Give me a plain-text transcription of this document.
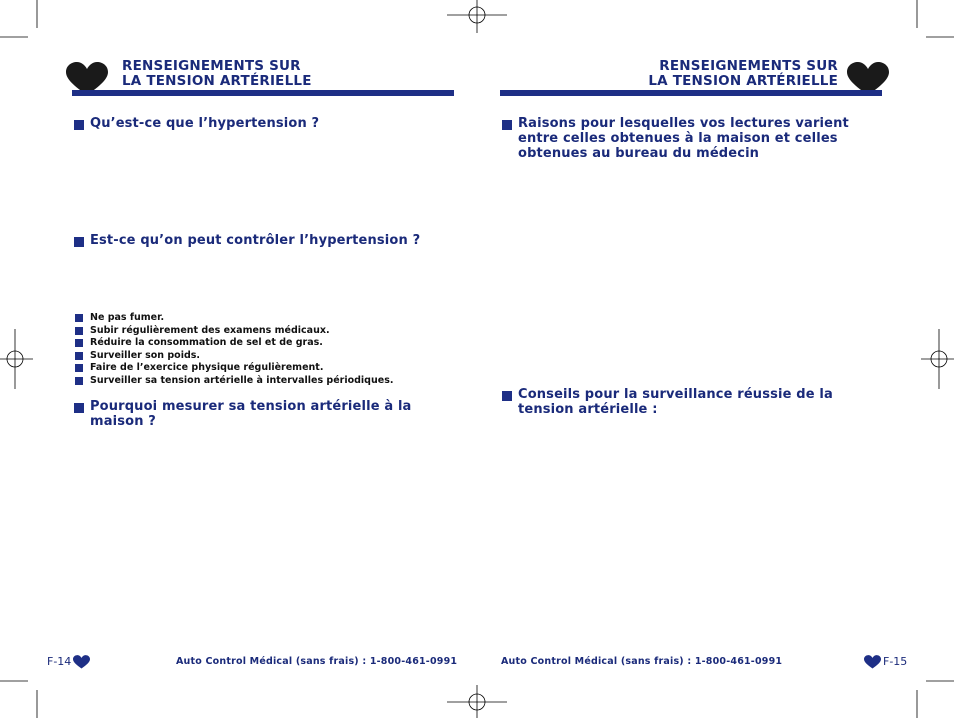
RENSEIGNEMENTS SUR
LA TENSION ARTÉRIELLE
Qu’est-ce que l’hypertension ?
Est-ce qu’on peut contrôler l’hypertension ?
Ne pas fumer.
Subir régulièrement des examens médicaux.
Réduire la consommation de sel et de gras.
Surveiller son poids.
Faire de l’exercice physique régulièrement.
Surveiller sa tension artérielle à intervalles périodiques.
Pourquoi mesurer sa tension artérielle à la
maison ?
F-14	Auto Control Médical (sans frais) : 1-800-461-0991
RENSEIGNEMENTS SUR
LA TENSION ARTÉRIELLE
Raisons pour lesquelles vos lectures varient
entre celles obtenues à la maison et celles
obtenues au bureau du médecin
Conseils pour la surveillance réussie de la
tension artérielle :
Auto Control Médical (sans frais) : 1-800-461-0991	F-15
